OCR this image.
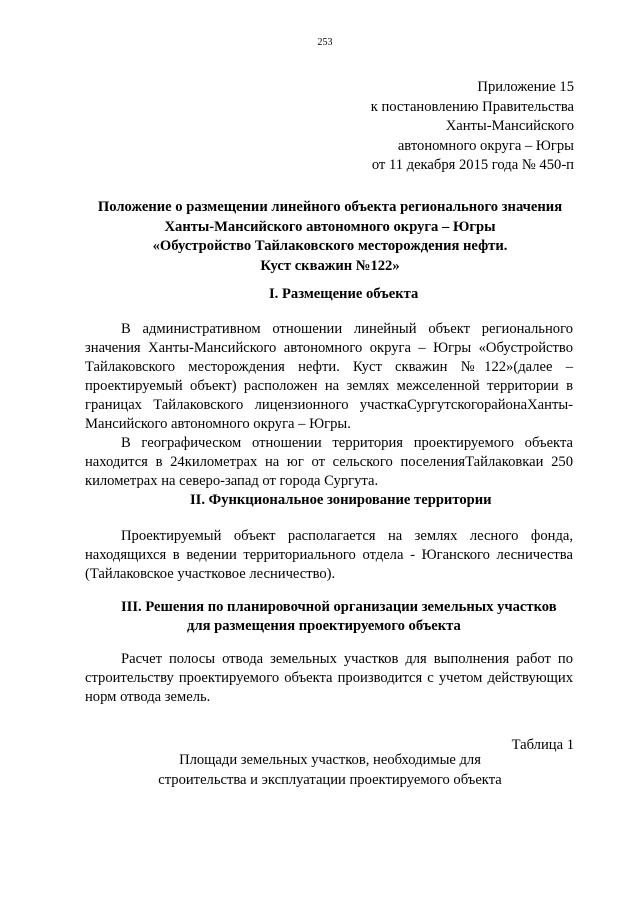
253
Приложение 15
к постановлению Правительства
Ханты-Мансийского
автономного округа – Югры
от 11 декабря 2015 года № 450-п
Положение о размещении линейного объекта регионального значения
Ханты-Мансийского автономного округа – Югры
«Обустройство Тайлаковского месторождения нефти.
Куст скважин №122»
I. Размещение объекта
В административном отношении линейный объект регионального значения Ханты-Мансийского автономного округа – Югры «Обустройство Тайлаковского месторождения нефти. Куст скважин №122»(далее – проектируемый объект) расположен на землях межселенной территории в границах Тайлаковского лицензионного участкаСургутскогорайонаХанты-Мансийского автономного округа – Югры.
В географическом отношении территория проектируемого объекта находится в 24километрах на юг от сельского поселенияТайлаковкаи 250 километрах на северо-запад от города Сургута.
II. Функциональное зонирование территории
Проектируемый объект располагается на землях лесного фонда, находящихся в ведении территориального отдела - Юганского лесничества (Тайлаковское участковое лесничество).
III. Решения по планировочной организации земельных участков
для размещения проектируемого объекта
Расчет полосы отвода земельных участков для выполнения работ по строительству проектируемого объекта производится с учетом действующих норм отвода земель.
Таблица 1
Площади земельных участков, необходимые для
строительства и эксплуатации проектируемого объекта
